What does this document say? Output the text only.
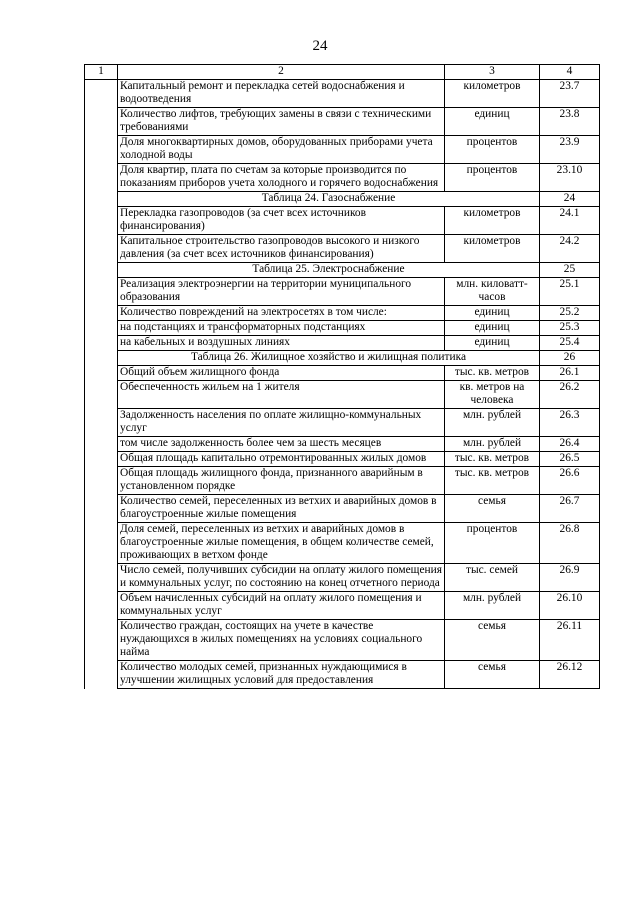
24
1	2	3	4
	Капитальный ремонт и перекладка сетей водоснабжения и водоотведения	километров	23.7
	Количество лифтов, требующих замены в связи с техническими требованиями	единиц	23.8
	Доля многоквартирных домов, оборудованных приборами учета холодной воды	процентов	23.9
	Доля квартир, плата по счетам за которые производится по показаниям приборов учета холодного и горячего водоснабжения	процентов	23.10
	Таблица 24. Газоснабжение		24
	Перекладка газопроводов (за счет всех источников финансирования)	километров	24.1
	Капитальное строительство газопроводов высокого и низкого давления (за счет всех источников финансирования)	километров	24.2
	Таблица 25. Электроснабжение		25
	Реализация электроэнергии на территории муниципального образования	млн. киловатт-часов	25.1
	Количество повреждений на электросетях в том числе:	единиц	25.2
	на подстанциях и трансформаторных подстанциях	единиц	25.3
	на кабельных и воздушных линиях	единиц	25.4
	Таблица 26. Жилищное хозяйство и жилищная политика		26
	Общий объем жилищного фонда	тыс. кв. метров	26.1
	Обеспеченность жильем на 1 жителя	кв. метров на человека	26.2
	Задолженность населения по оплате жилищно-коммунальных услуг	млн. рублей	26.3
	том числе задолженность более чем за шесть месяцев	млн. рублей	26.4
	Общая площадь капитально отремонтированных жилых домов	тыс. кв. метров	26.5
	Общая площадь жилищного фонда, признанного аварийным в установленном порядке	тыс. кв. метров	26.6
	Количество семей, переселенных из ветхих и аварийных домов в благоустроенные жилые помещения	семья	26.7
	Доля семей, переселенных из ветхих и аварийных домов в благоустроенные жилые помещения, в общем количестве семей, проживающих в ветхом фонде	процентов	26.8
	Число семей, получивших субсидии на оплату жилого помещения и коммунальных услуг, по состоянию на конец отчетного периода	тыс. семей	26.9
	Объем начисленных субсидий на оплату жилого помещения и коммунальных услуг	млн. рублей	26.10
	Количество граждан, состоящих на учете в качестве нуждающихся в жилых помещениях на условиях социального найма	семья	26.11
	Количество молодых семей, признанных нуждающимися в улучшении жилищных условий для предоставления	семья	26.12
